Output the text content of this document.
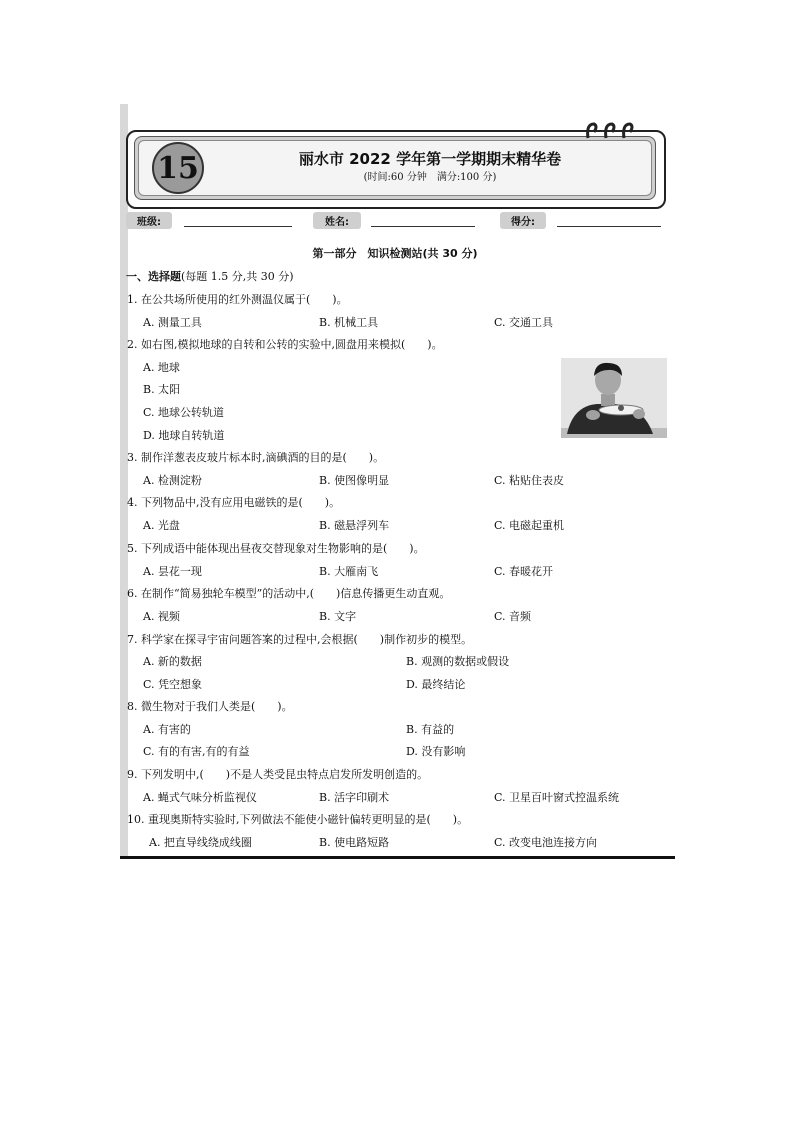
15	丽水市 2022 学年第一学期期末精华卷
(时间:60 分钟　满分:100 分)
班级:	姓名:	得分:
第一部分　知识检测站(共 30 分)
一、选择题(每题 1.5 分,共 30 分)
1. 在公共场所使用的红外测温仪属于(　　)。
A. 测量工具	B. 机械工具	C. 交通工具
2. 如右图,模拟地球的自转和公转的实验中,圆盘用来模拟(　　)。
A. 地球
B. 太阳
C. 地球公转轨道
D. 地球自转轨道
3. 制作洋葱表皮玻片标本时,滴碘酒的目的是(　　)。
A. 检测淀粉	B. 使图像明显	C. 粘贴住表皮
4. 下列物品中,没有应用电磁铁的是(　　)。
A. 光盘	B. 磁悬浮列车	C. 电磁起重机
5. 下列成语中能体现出昼夜交替现象对生物影响的是(　　)。
A. 昙花一现	B. 大雁南飞	C. 春暖花开
6. 在制作“简易独轮车模型”的活动中,(　　)信息传播更生动直观。
A. 视频	B. 文字	C. 音频
7. 科学家在探寻宇宙问题答案的过程中,会根据(　　)制作初步的模型。
A. 新的数据	B. 观测的数据或假设
C. 凭空想象	D. 最终结论
8. 微生物对于我们人类是(　　)。
A. 有害的	B. 有益的
C. 有的有害,有的有益	D. 没有影响
9. 下列发明中,(　　)不是人类受昆虫特点启发所发明创造的。
A. 蝇式气味分析监视仪	B. 活字印刷术	C. 卫星百叶窗式控温系统
10. 重现奥斯特实验时,下列做法不能使小磁针偏转更明显的是(　　)。
A. 把直导线绕成线圈	B. 使电路短路	C. 改变电池连接方向
